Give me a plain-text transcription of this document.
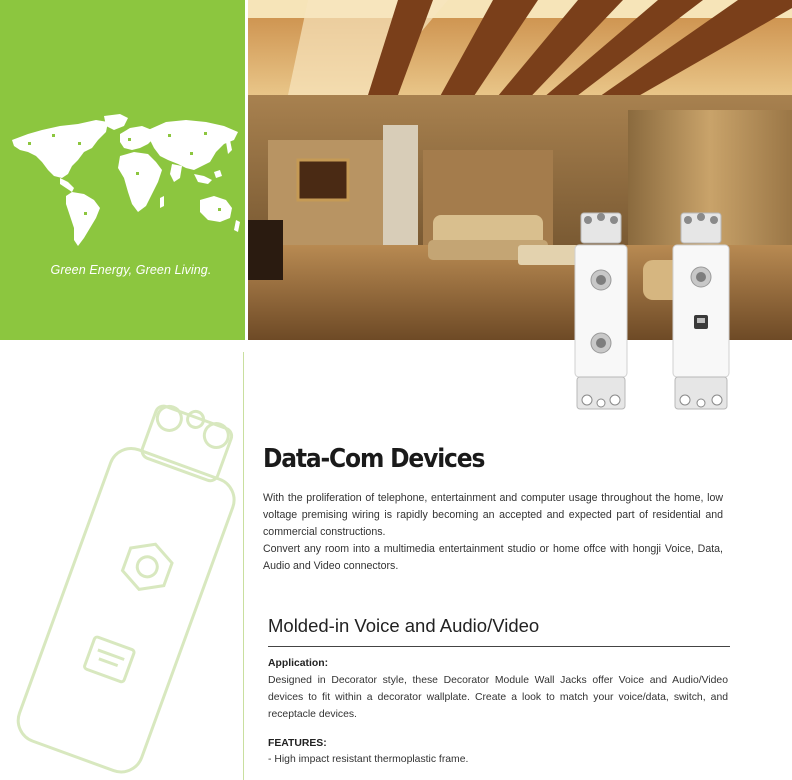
Green Energy, Green Living.
Data-Com Devices

With the proliferation of telephone, entertainment and computer usage throughout the home, low voltage premising wiring is rapidly becoming an accepted and expected part of residential and commercial constructions.

Convert any room into a multimedia entertainment studio or home offce with hongji Voice, Data, Audio and Video connectors.

Molded-in Voice and Audio/Video

Application:

Designed in Decorator style, these Decorator Module Wall Jacks offer Voice and Audio/Video devices to fit within a decorator wallplate. Create a look to match your voice/data, switch, and receptacle devices.

FEATURES:

- High impact resistant thermoplastic frame.
